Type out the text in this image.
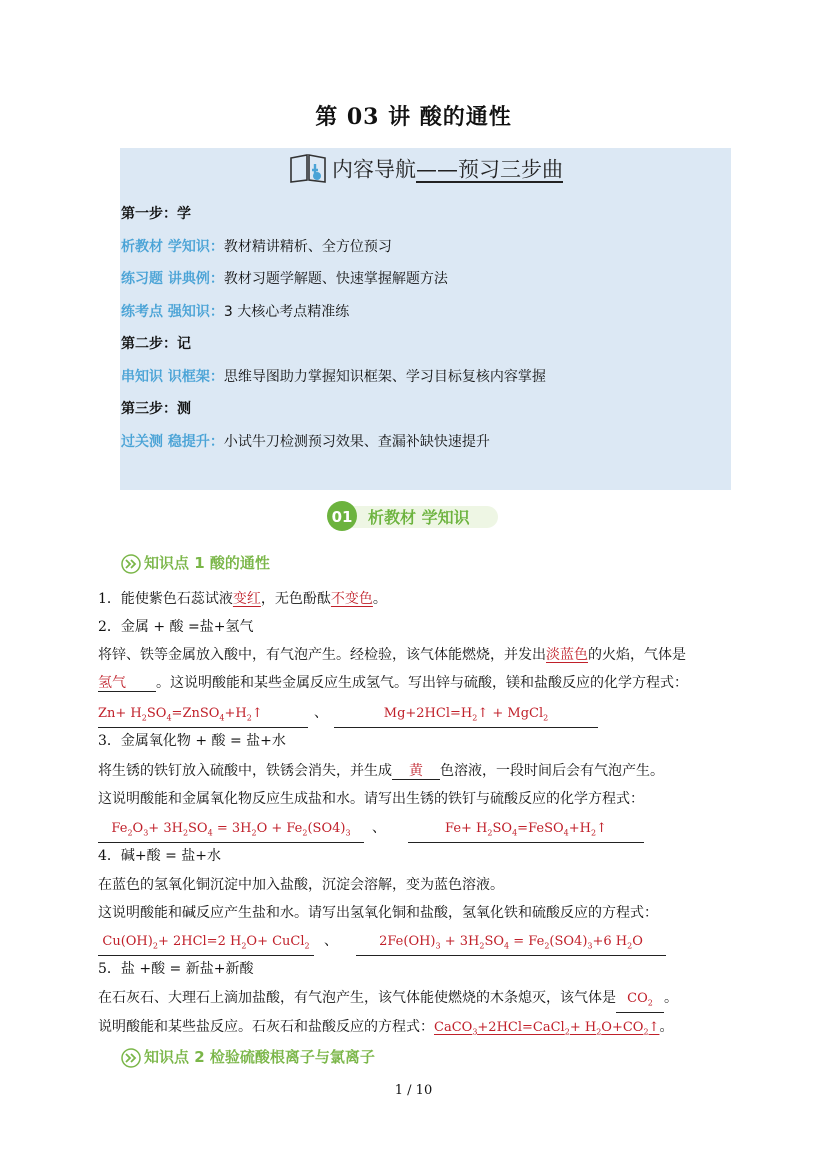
第 03 讲 酸的通性
内容导航——预习三步曲
第一步：学
析教材 学知识：教材精讲精析、全方位预习
练习题 讲典例：教材习题学解题、快速掌握解题方法
练考点 强知识：3 大核心考点精准练
第二步：记
串知识 识框架：思维导图助力掌握知识框架、学习目标复核内容掌握
第三步：测
过关测 稳提升：小试牛刀检测预习效果、查漏补缺快速提升
01 析教材 学知识
知识点 1 酸的通性
1．能使紫色石蕊试液变红，无色酚酞不变色。
2．金属 + 酸 =盐+氢气
将锌、铁等金属放入酸中，有气泡产生。经检验，该气体能燃烧，并发出淡蓝色的火焰，气体是
氢气 。这说明酸能和某些金属反应生成氢气。写出锌与硫酸，镁和盐酸反应的化学方程式：
$Zn+ H_2SO_4=ZnSO_4+H_2↑$	、	$Mg+2HCl=H_2↑$ + MgCl$_2$
3．金属氧化物 + 酸 = 盐+水
将生锈的铁钉放入硫酸中，铁锈会消失，并生成 黄 色溶液，一段时间后会有气泡产生。
这说明酸能和金属氧化物反应生成盐和水。请写出生锈的铁钉与硫酸反应的化学方程式：
$Fe_2O_3+ 3H_2SO_4 = 3H_2O + Fe_2(SO4)_3$ 、	$Fe+ H_2SO_4=FeSO_4+H_2↑$
4．碱+酸 = 盐+水
在蓝色的氢氧化铜沉淀中加入盐酸，沉淀会溶解，变为蓝色溶液。
这说明酸能和碱反应产生盐和水。请写出氢氧化铜和盐酸，氢氧化铁和硫酸反应的方程式：
$Cu(OH)_2+ 2HCl=2$ $H_2O+$ CuCl$_2$ 、	$2Fe(OH)_3 + 3H_2SO_4 = Fe_2(SO4)_3+6$ $H_2O$
5．盐 +酸 = 新盐+新酸
在石灰石、大理石上滴加盐酸，有气泡产生，该气体能使燃烧的木条熄灭，该气体是 $CO_2$ 。
说明酸能和某些盐反应。石灰石和盐酸反应的方程式：CaCO$_3$+2HCl=CaCl$_2$+ $H_2O+CO_2↑$。
知识点 2 检验硫酸根离子与氯离子
1 / 10
